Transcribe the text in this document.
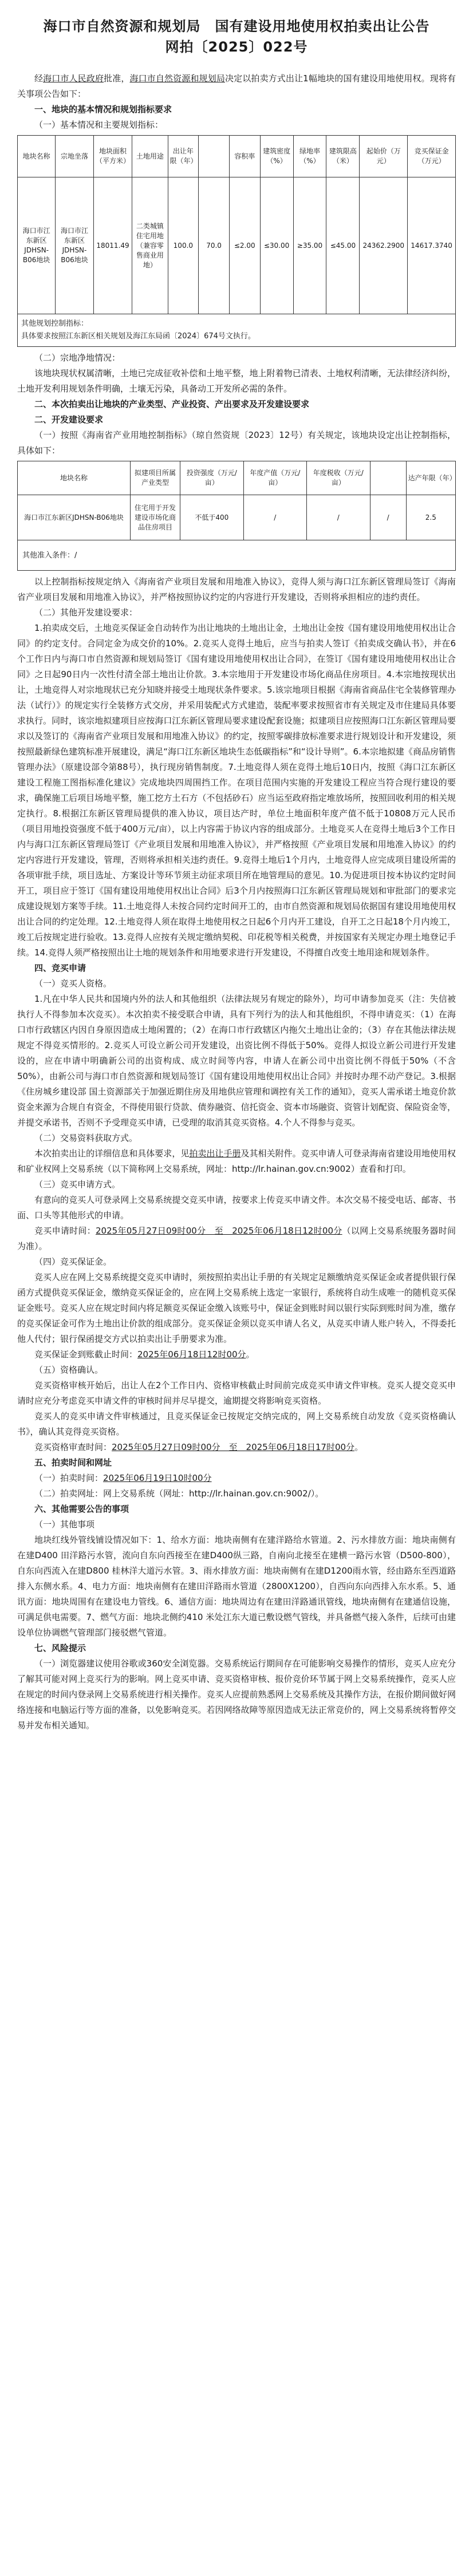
海口市自然资源和规划局　国有建设用地使用权拍卖出让公告
网拍〔2025〕022号

经海口市人民政府批准，海口市自然资源和规划局决定以拍卖方式出让1幅地块的国有建设用地使用权。现将有关事项公告如下：

一、地块的基本情况和规划指标要求
（一）基本情况和主要规划指标：
地块名称	宗地坐落	地块面积（平方米）	土地用途	出让年限（年）		容积率	建筑密度（%）	绿地率（%）	建筑限高（米）	起始价（万元）	竞买保证金（万元）
海口市江东新区JDHSN-B06地块	海口市江东新区JDHSN-B06地块	18011.49	二类城镇住宅用地（兼容零售商业用地）	100.0	70.0	≤2.00	≤30.00	≥35.00	≤45.00	24362.2900	14617.3740

其他规划控制指标：
具体要求按照江东新区相关规划及海江东局函〔2024〕674号文执行。											
（二）宗地净地情况：

该地块现状权属清晰，土地已完成征收补偿和土地平整，地上附着物已清表、土地权利清晰，无法律经济纠纷，土地开发利用规划条件明确，土壤无污染，具备动工开发所必需的条件。

二、本次拍卖出让地块的产业类型、产业投资、产出要求及开发建设要求
二、开发建设要求

（一）按照《海南省产业用地控制指标》（琼自然资规〔2023〕12号）有关规定，该地块设定出让控制指标，具体如下：

地块名称	拟建项目所属产业类型	投资强度（万元/亩）	年度产值（万元/亩）	年度税收（万元/亩）		达产年限（年）
海口市江东新区JDHSN-B06地块	住宅用于开发建设市场化商品住房项目	不低于400	/	/	/	2.5
其他准入条件：/						

以上控制指标按规定纳入《海南省产业项目发展和用地准入协议》，竞得人须与海口江东新区管理局签订《海南省产业项目发展和用地准入协议》，并严格按照协议约定的内容进行开发建设，否则将承担相应的违约责任。

（二）其他开发建设要求：

1.拍卖成交后，土地竞买保证金自动转作为出让地块的土地出让金，土地出让金按《国有建设用地使用权出让合同》的约定支付。合同定金为成交价的10%。2.竞买人竞得土地后，应当与拍卖人签订《拍卖成交确认书》，并在6个工作日内与海口市自然资源和规划局签订《国有建设用地使用权出让合同》，在签订《国有建设用地使用权出让合同》之日起90日内一次性付清全部土地出让价款。3.本宗地用于开发建设市场化商品住房项目。4.本宗地按现状出让，土地竞得人对宗地现状已充分知晓并接受土地现状条件要求。5.该宗地项目根据《海南省商品住宅全装修管理办法（试行）》的规定实行全装修方式交房，并采用装配式方式建造，装配率要求按照省市有关规定及市住建局具体要求执行。同时，该宗地拟建项目应按海口江东新区管理局要求建设配套设施；拟建项目应按照海口江东新区管理局要求以及签订的《海南省产业项目发展和用地准入协议》的约定，按照零碳排放标准要求进行规划设计和开发建设，须按照最新绿色建筑标准开展建设，满足“海口江东新区地块生态低碳指标”和“设计导则”。6.本宗地拟建《商品房销售管理办法》（原建设部令第88号），执行现房销售制度。7.土地竞得人须在竞得土地后10日内，按照《海口江东新区建设工程施工图指标准化建议》完成地块四周围挡工作。在项目范围内实施的开发建设工程应当符合现行建设的要求，确保施工后项目场地平整，施工挖方土石方（不包括砂石）应当运至政府指定堆放场所，按照回收利用的相关规定执行。8.根据江东新区管理局提供的准入协议，项目达产时，单位土地面积年度产值不低于10808万元人民币（项目用地投资强度不低于400万元/亩），以上内容需于协议内容的组成部分。土地竞买人在竞得土地后3个工作日内与海口江东新区管理局签订《产业项目发展和用地准入协议》，并严格按照《产业项目发展和用地准入协议》的约定内容进行开发建设，管理，否则将承担相关违约责任。9.竞得土地后1个月内，土地竞得人应完成项目建设所需的各项审批手续，项目选址、方案设计等环节须主动征求项目所在地管理局的意见。10.为促进项目按本协议约定时间开工，项目应于签订《国有建设用地使用权出让合同》后3个月内按照海口江东新区管理局规划和审批部门的要求完成建设规划方案等手续。11.土地竞得人未按合同约定时间开工的，由市自然资源和规划局依据国有建设用地使用权出让合同的约定处理。12.土地竞得人须在取得土地使用权之日起6个月内开工建设，自开工之日起18个月内竣工，竣工后按规定进行验收。13.竞得人应按有关规定缴纳契税、印花税等相关税费，并按国家有关规定办理土地登记手续。14.竞得人须严格按照出让土地的规划条件和用地要求进行开发建设，不得擅自改变土地用途和规划条件。

四、竞买申请
（一）竞买人资格。

1.凡在中华人民共和国境内外的法人和其他组织（法律法规另有规定的除外），均可申请参加竞买（注：失信被执行人不得参加本次竞买）。本次拍卖不接受联合申请，具有下列行为的法人和其他组织，不得申请竞买：（1）在海口市行政辖区内因自身原因造成土地闲置的；（2）在海口市行政辖区内拖欠土地出让金的；（3）存在其他法律法规规定不得竞买情形的。2.竞买人可设立新公司开发建设，出资比例不得低于50%。竞得人拟设立新公司进行开发建设的，应在申请中明确新公司的出资构成、成立时间等内容，申请人在新公司中出资比例不得低于50%（不含50%），由新公司与海口市自然资源和规划局签订《国有建设用地使用权出让合同》并按时办理不动产登记。3.根据《住房城乡建设部 国土资源部关于加强近期住房及用地供应管理和调控有关工作的通知》，竞买人需承诺土地竞价款资金来源为合规自有资金，不得使用银行贷款、债券融资、信托资金、资本市场融资、资管计划配资、保险资金等，并提交承诺书，否则不予受理竞买申请，已受理的取消其竞买资格。4.个人不得参与竞买。

（二）交易资料获取方式。

本次拍卖出让的详细信息和具体要求，见拍卖出让手册及其相关附件。竞买申请人可登录海南省建设用地使用权和矿业权网上交易系统（以下简称网上交易系统，网址：http://lr.hainan.gov.cn:9002）查看和打印。

（三）竞买申请方式。

有意向的竞买人可登录网上交易系统提交竞买申请，按要求上传竞买申请文件。本次交易不接受电话、邮寄、书面、口头等其他形式的申请。

竞买申请时间：2025年05月27日09时00分　至　2025年06月18日12时00分（以网上交易系统服务器时间为准）。

（四）竞买保证金。

竞买人应在网上交易系统提交竞买申请时，须按照拍卖出让手册的有关规定足额缴纳竞买保证金或者提供银行保函方式提供竞买保证金，缴纳竞买保证金的，应在网上交易系统上选定一家银行，系统将自动生成唯一的随机竞买保证金账号。竞买人应在规定时间内将足额竞买保证金缴入该账号中，保证金到账时间以银行实际到账时间为准，缴存的竞买保证金可作为土地出让价款的组成部分。竞买保证金须以竞买申请人名义，从竞买申请人账户转入，不得委托他人代付；银行保函提交方式以拍卖出让手册要求为准。

竞买保证金到账截止时间：2025年06月18日12时00分。

（五）资格确认。

竞买资格审核开始后，出让人在2个工作日内、资格审核截止时间前完成竞买申请文件审核。竞买人提交竞买申请时应充分考虑竞买申请文件的审核时间并尽早提交，逾期提交将影响竞买资格。

竞买人的竞买申请文件审核通过，且竞买保证金已按规定交纳完成的，网上交易系统自动发放《竞买资格确认书》，确认其竞得竞买资格。

竞买资格审查时间：2025年05月27日09时00分　至　2025年06月18日17时00分。

五、拍卖时间和网址

（一）拍卖时间：2025年06月19日10时00分

（二）拍卖网址：网上交易系统（网址：http://lr.hainan.gov.cn:9002/）。

六、其他需要公告的事项
（一）其他事项

地块红线外管线铺设情况如下：1、给水方面：地块南侧有在建洋路给水管道。2、污水排放方面：地块南侧有在建D400 田洋路污水管，流向自东向西接至在建D400纵三路，自南向北接至在建横一路污水管（D500-800），自东向西流入在建D800 桂林洋大道污水管。3、雨水排放方面：地块南侧有在建D1200雨水管，经由路东至西道路排入东侧水系。4、电力方面：地块南侧有在建田洋路雨水管道（2800X1200），自西向东向西排入东水系。5、通讯方面：地块周围有在建设电力管线。6、通信方面：地块周边有在建田洋路通讯管线，地块南侧有在建通信设施，可满足供电需要。7、燃气方面：地块北侧约410 米处江东大道已敷设燃气管线，并具备燃气接入条件，后续可由建设单位协调燃气管理部门接驳燃气管道。

七、风险提示

（一）浏览器建议使用谷歌或360安全浏览器。交易系统运行期间存在可能影响交易操作的情形，竞买人应充分了解其可能对网上竞买行为的影响。网上竞买申请、竞买资格审核、报价竞价环节属于网上交易系统操作，竞买人应在规定的时间内登录网上交易系统进行相关操作。竞买人应提前熟悉网上交易系统及其操作方法，在报价期间做好网络连接和电脑运行等方面的准备，以免影响竞买。若因网络故障等原因造成无法正常竞价的，网上交易系统将暂停交易并发布相关通知。
